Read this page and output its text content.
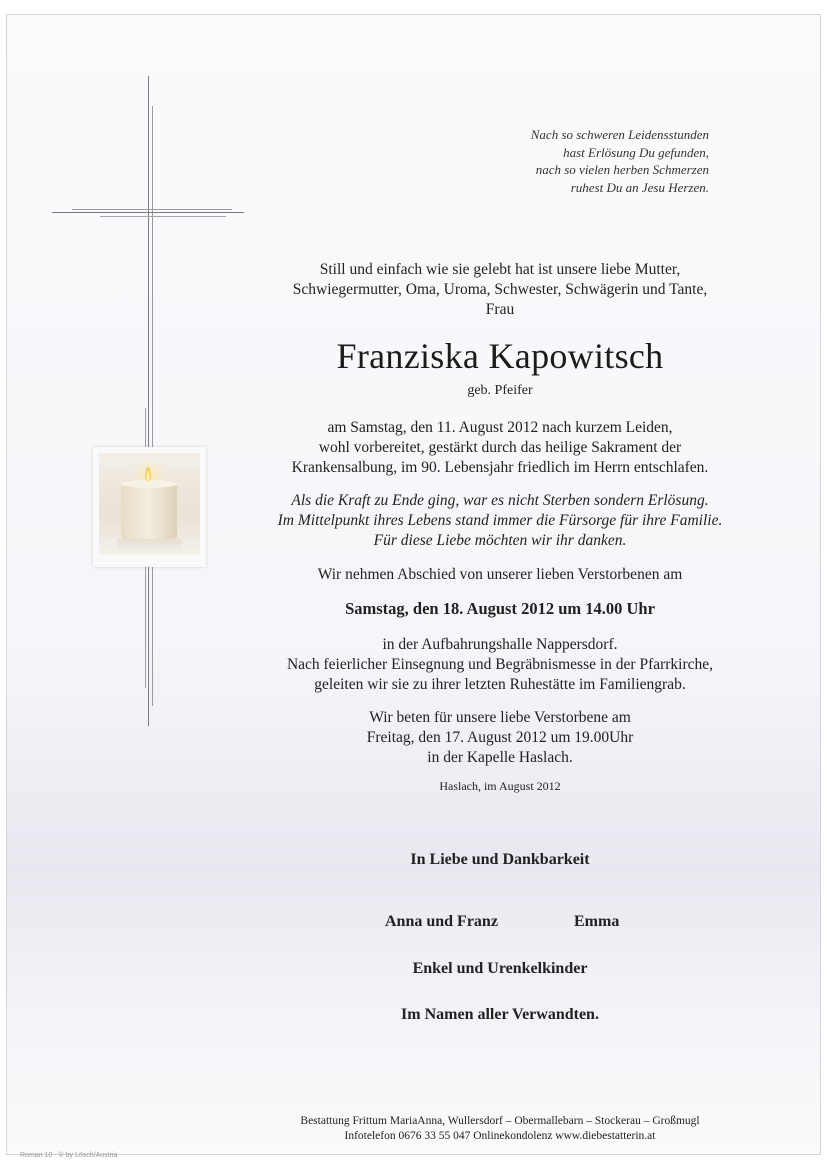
Nach so schweren Leidensstunden
hast Erlösung Du gefunden,
nach so vielen herben Schmerzen
ruhest Du an Jesu Herzen.
Still und einfach wie sie gelebt hat ist unsere liebe Mutter,
Schwiegermutter, Oma, Uroma, Schwester, Schwägerin und Tante,
Frau
Franziska Kapowitsch
geb. Pfeifer
am Samstag, den 11. August 2012 nach kurzem Leiden,
wohl vorbereitet, gestärkt durch das heilige Sakrament der
Krankensalbung, im 90. Lebensjahr friedlich im Herrn entschlafen.
Als die Kraft zu Ende ging, war es nicht Sterben sondern Erlösung.
Im Mittelpunkt ihres Lebens stand immer die Fürsorge für ihre Familie.
Für diese Liebe möchten wir ihr danken.
Wir nehmen Abschied von unserer lieben Verstorbenen am
Samstag, den 18. August 2012 um 14.00 Uhr
in der Aufbahrungshalle Nappersdorf.
Nach feierlicher Einsegnung und Begräbnismesse in der Pfarrkirche,
geleiten wir sie zu ihrer letzten Ruhestätte im Familiengrab.
Wir beten für unsere liebe Verstorbene am
Freitag, den 17. August 2012 um 19.00Uhr
in der Kapelle Haslach.
Haslach, im August 2012
In Liebe und Dankbarkeit
Anna und Franz	Emma
Enkel und Urenkelkinder
Im Namen aller Verwandten.
Bestattung Frittum MariaAnna, Wullersdorf – Obermallebarn – Stockerau – Großmugl
Infotelefon 0676 33 55 047 Onlinekondolenz www.diebestatterin.at
Roman 10 - © by Lösch/Austria
